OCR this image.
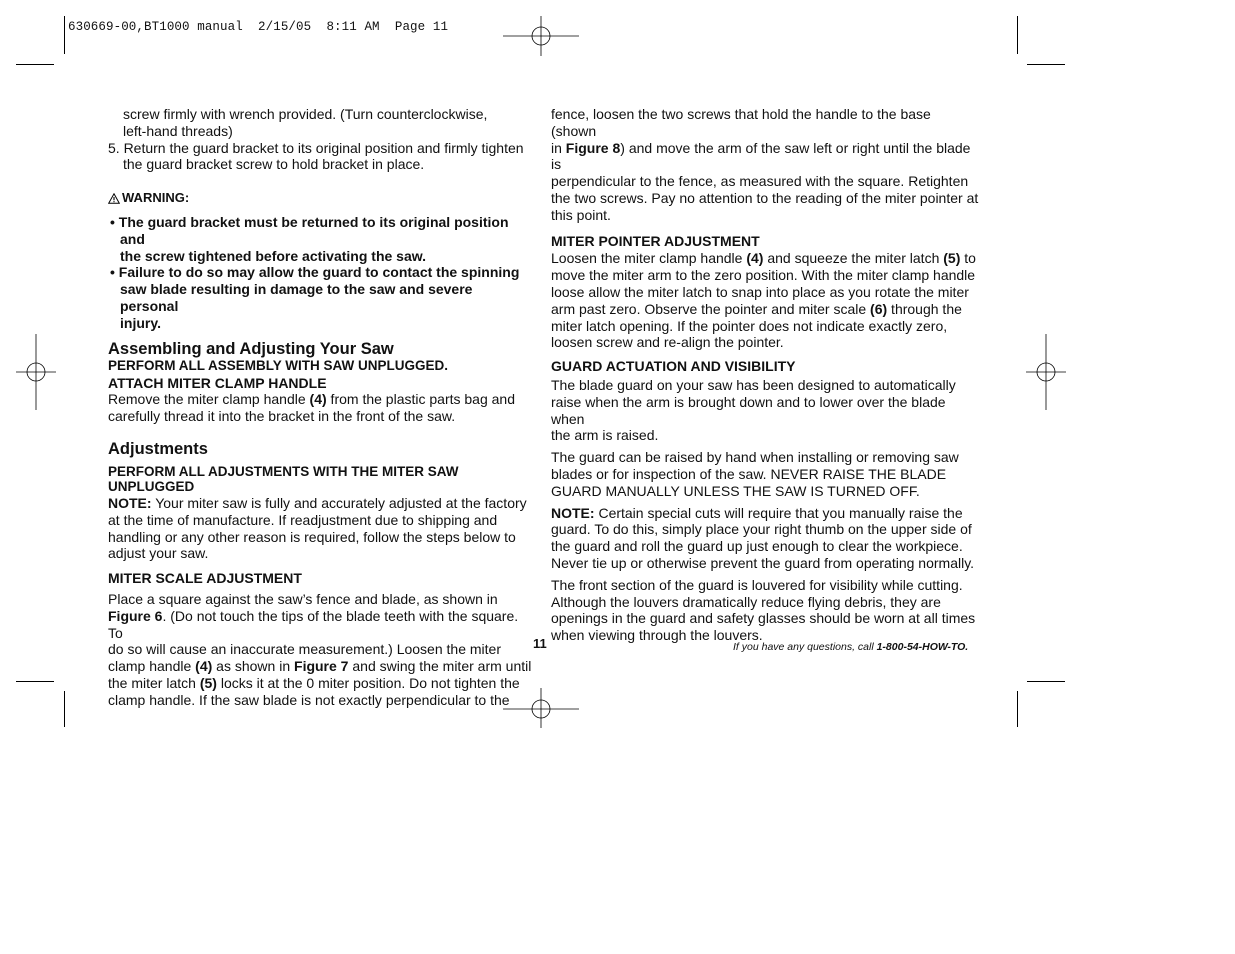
630669-00,BT1000 manual  2/15/05  8:11 AM  Page 11

screw firmly with wrench provided. (Turn counterclockwise,
left-hand threads)

5. Return the guard bracket to its original position and firmly tighten
the guard bracket screw to hold bracket in place.

WARNING:

• The guard bracket must be returned to its original position and
the screw tightened before activating the saw.

• Failure to do so may allow the guard to contact the spinning
saw blade resulting in damage to the saw and severe personal
injury.

Assembling and Adjusting Your Saw
PERFORM ALL ASSEMBLY WITH SAW UNPLUGGED.
ATTACH MITER CLAMP HANDLE

Remove the miter clamp handle (4) from the plastic parts bag and
carefully thread it into the bracket in the front of the saw.

Adjustments
PERFORM ALL ADJUSTMENTS WITH THE MITER SAW
UNPLUGGED

NOTE: Your miter saw is fully and accurately adjusted at the factory
at the time of manufacture. If readjustment due to shipping and
handling or any other reason is required, follow the steps below to
adjust your saw.

MITER SCALE ADJUSTMENT

Place a square against the saw’s fence and blade, as shown in
Figure 6. (Do not touch the tips of the blade teeth with the square. To
do so will cause an inaccurate measurement.) Loosen the miter
clamp handle (4) as shown in Figure 7 and swing the miter arm until
the miter latch (5) locks it at the 0 miter position. Do not tighten the
clamp handle. If the saw blade is not exactly perpendicular to the

fence, loosen the two screws that hold the handle to the base (shown
in Figure 8) and move the arm of the saw left or right until the blade is
perpendicular to the fence, as measured with the square. Retighten
the two screws. Pay no attention to the reading of the miter pointer at
this point.

MITER POINTER ADJUSTMENT

Loosen the miter clamp handle (4) and squeeze the miter latch (5) to
move the miter arm to the zero position. With the miter clamp handle
loose allow the miter latch to snap into place as you rotate the miter
arm past zero. Observe the pointer and miter scale (6) through the
miter latch opening. If the pointer does not indicate exactly zero,
loosen screw and re-align the pointer.

GUARD ACTUATION AND VISIBILITY

The blade guard on your saw has been designed to automatically
raise when the arm is brought down and to lower over the blade when
the arm is raised.

The guard can be raised by hand when installing or removing saw
blades or for inspection of the saw. NEVER RAISE THE BLADE
GUARD MANUALLY UNLESS THE SAW IS TURNED OFF.

NOTE: Certain special cuts will require that you manually raise the
guard. To do this, simply place your right thumb on the upper side of
the guard and roll the guard up just enough to clear the workpiece.
Never tie up or otherwise prevent the guard from operating normally.

The front section of the guard is louvered for visibility while cutting.
Although the louvers dramatically reduce flying debris, they are
openings in the guard and safety glasses should be worn at all times
when viewing through the louvers.

11	If you have any questions, call 1-800-54-HOW-TO.
